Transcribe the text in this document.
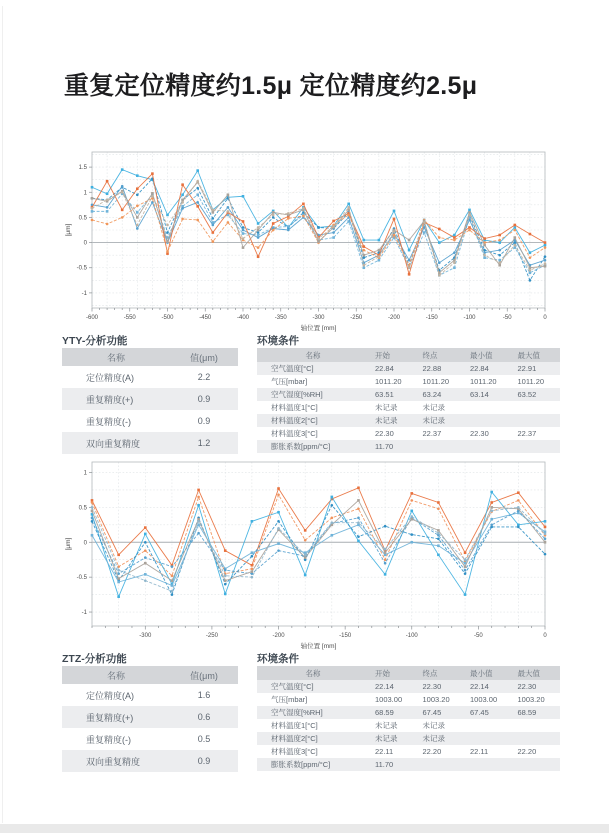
重复定位精度约1.5μ 定位精度约2.5μ
-600	-550	-500	-450	-400	-350	-300	-250	-200	-150	-100	-50	0
-1
-0.5
0
0.5
1
1.5
轴位置 [mm]
[μm]
YTY-分析功能
名称	值(μm)
定位精度(A)	2.2
重复精度(+)	0.9
重复精度(-)	0.9
双向重复精度	1.2
环境条件
名称	开始	终点	最小值	最大值
空气温度[°C]	22.84	22.88	22.84	22.91
气压[mbar]	1011.20	1011.20	1011.20	1011.20
空气湿度[%RH]	63.51	63.24	63.14	63.52
材料温度1[°C]	未记录	未记录		
材料温度2[°C]	未记录	未记录		
材料温度3[°C]	22.30	22.37	22.30	22.37
膨胀系数[ppm/°C]	11.70			
-300	-250	-200	-150	-100	-50	0
-1
-0.5
0
0.5
1
轴位置 [mm]
[μm]
ZTZ-分析功能
名称	值(μm)
定位精度(A)	1.6
重复精度(+)	0.6
重复精度(-)	0.5
双向重复精度	0.9
环境条件
名称	开始	终点	最小值	最大值
空气温度[°C]	22.14	22.30	22.14	22.30
气压[mbar]	1003.00	1003.20	1003.00	1003.20
空气湿度[%RH]	68.59	67.45	67.45	68.59
材料温度1[°C]	未记录	未记录		
材料温度2[°C]	未记录	未记录		
材料温度3[°C]	22.11	22.20	22.11	22.20
膨胀系数[ppm/°C]	11.70			
